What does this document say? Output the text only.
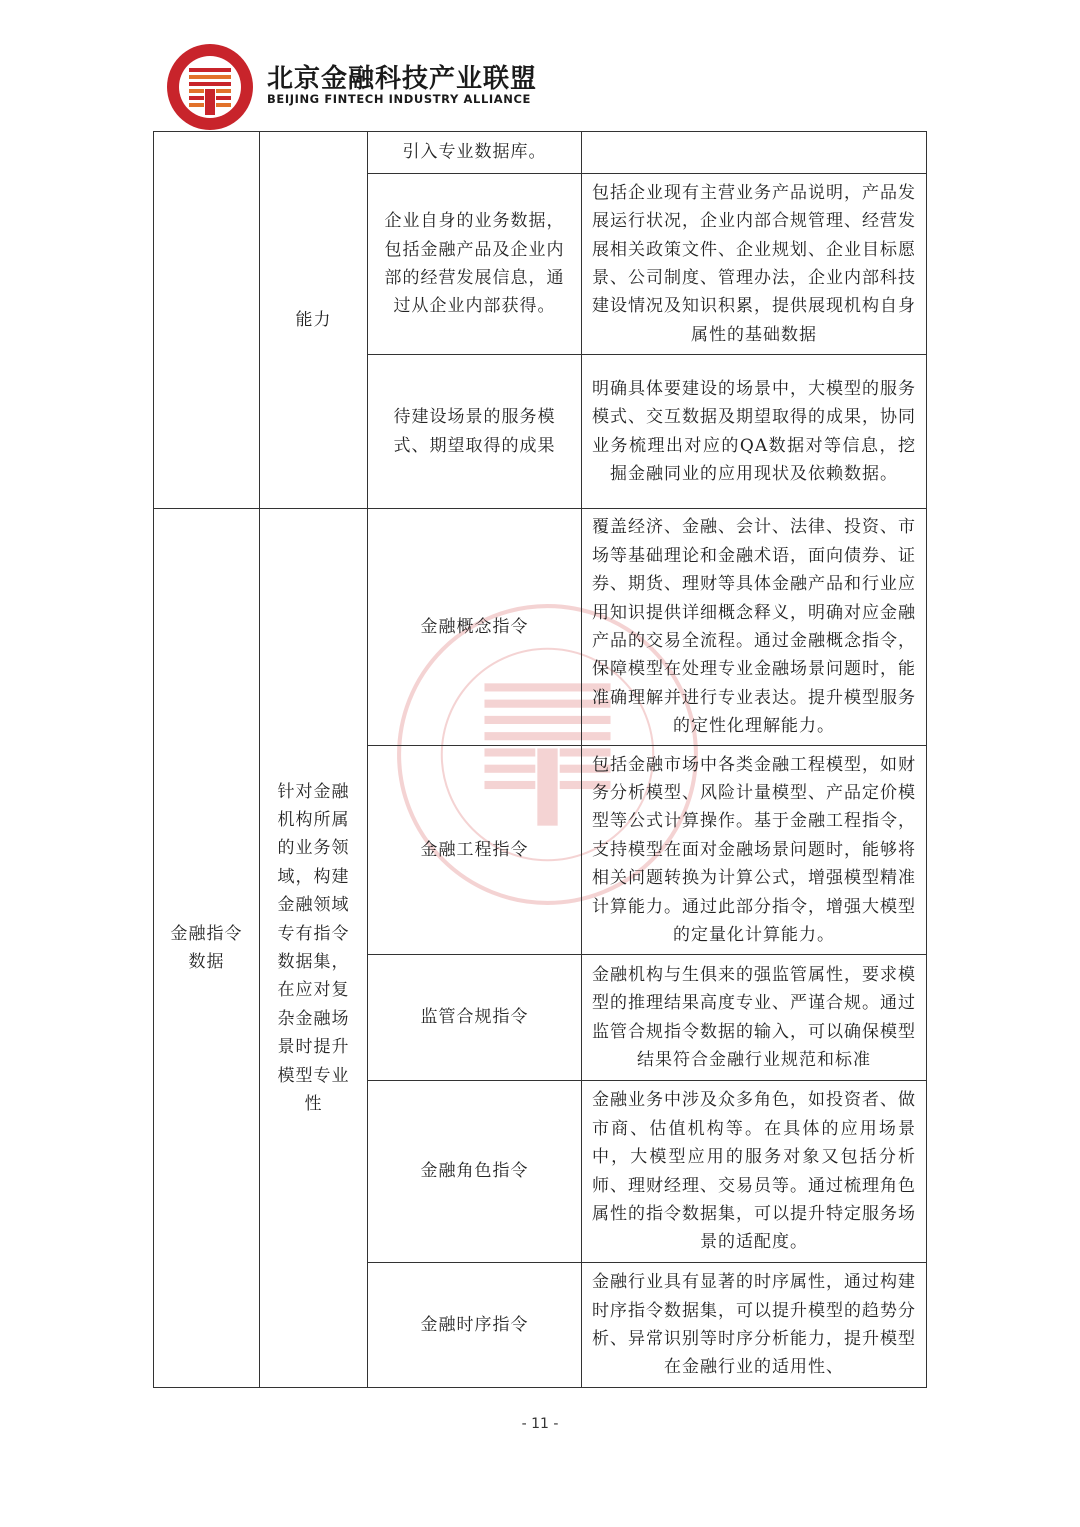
北京金融科技产业联盟
BEIJING FINTECH INDUSTRY ALLIANCE
	能力	引入专业数据库。	
		企业自身的业务数据，包括金融产品及企业内部的经营发展信息，通过从企业内部获得。	包括企业现有主营业务产品说明，产品发展运行状况，企业内部合规管理、经营发展相关政策文件、企业规划、企业目标愿景、公司制度、管理办法，企业内部科技建设情况及知识积累，提供展现机构自身属性的基础数据
		待建设场景的服务模式、期望取得的成果	明确具体要建设的场景中，大模型的服务模式、交互数据及期望取得的成果，协同业务梳理出对应的QA数据对等信息，挖掘金融同业的应用现状及依赖数据。
金融指令数据	针对金融机构所属的业务领域，构建金融领域专有指令数据集，在应对复杂金融场景时提升模型专业性	金融概念指令	覆盖经济、金融、会计、法律、投资、市场等基础理论和金融术语，面向债券、证券、期货、理财等具体金融产品和行业应用知识提供详细概念释义，明确对应金融产品的交易全流程。通过金融概念指令，保障模型在处理专业金融场景问题时，能准确理解并进行专业表达。提升模型服务的定性化理解能力。
		金融工程指令	包括金融市场中各类金融工程模型，如财务分析模型、风险计量模型、产品定价模型等公式计算操作。基于金融工程指令，支持模型在面对金融场景问题时，能够将相关问题转换为计算公式，增强模型精准计算能力。通过此部分指令，增强大模型的定量化计算能力。
		监管合规指令	金融机构与生俱来的强监管属性，要求模型的推理结果高度专业、严谨合规。通过监管合规指令数据的输入，可以确保模型结果符合金融行业规范和标准
		金融角色指令	金融业务中涉及众多角色，如投资者、做市商、估值机构等。在具体的应用场景中，大模型应用的服务对象又包括分析师、理财经理、交易员等。通过梳理角色属性的指令数据集，可以提升特定服务场景的适配度。
		金融时序指令	金融行业具有显著的时序属性，通过构建时序指令数据集，可以提升模型的趋势分析、异常识别等时序分析能力，提升模型在金融行业的适用性、
- 11 -
